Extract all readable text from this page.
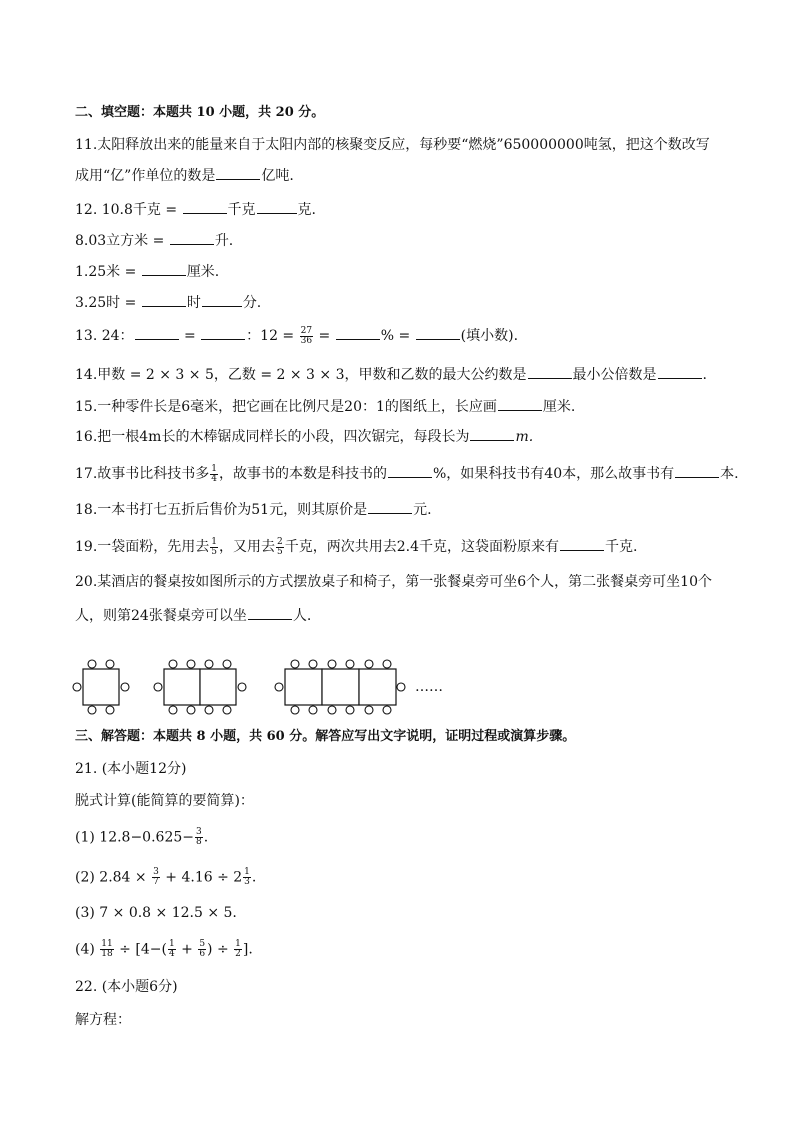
二、填空题：本题共 10 小题，共 20 分。
11.太阳释放出来的能量来自于太阳内部的核聚变反应，每秒要“燃烧”650000000吨氢，把这个数改写
成用“亿”作单位的数是	亿吨.
12. 10.8千克 =	千克	克.
8.03立方米 =	升.
1.25米 =	厘米.
3.25时 =	时	分.
13. 24：	=	：$12 = \frac{27}{36}$ =	% =	(填小数).
14.甲数 = 2 × 3 × 5，乙数 = 2 × 3 × 3，甲数和乙数的最大公约数是	最小公倍数是	.
15.一种零件长是6毫米，把它画在比例尺是20：1的图纸上，长应画	厘米.
16.把一根4m长的木棒锯成同样长的小段，四次锯完，每段长为	m.
17.故事书比科技书多 $\frac{1}{4}$ ，故事书的本数是科技书的	%，如果科技书有40本，那么故事书有	本.
18.一本书打七五折后售价为51元，则其原价是	元.
19.一袋面粉，先用去 $\frac{1}{5}$ ，又用去 $\frac{2}{5}$ 千克，两次共用去2.4千克，这袋面粉原来有	千克.
20.某酒店的餐桌按如图所示的方式摆放桌子和椅子，第一张餐桌旁可坐6个人，第二张餐桌旁可坐10个
人，则第24张餐桌旁可以坐	人.
……
三、解答题：本题共 8 小题，共 60 分。解答应写出文字说明，证明过程或演算步骤。
21. (本小题12分)
脱式计算(能简算的要简算)：
(1) $12.8-0.625- \frac{3}{8}$ .
(2) $2.84 \times \frac{3}{7} + 4.16 \div 2 \frac{1}{3}$ .
(3) 7 × 0.8 × 12.5 × 5.
$(4) \frac{11}{18} \div [4-( \frac{1}{4} + \frac{5}{6}$ ) ÷ $\frac{1}{2}$ ].
22. (本小题6分)
解方程：
